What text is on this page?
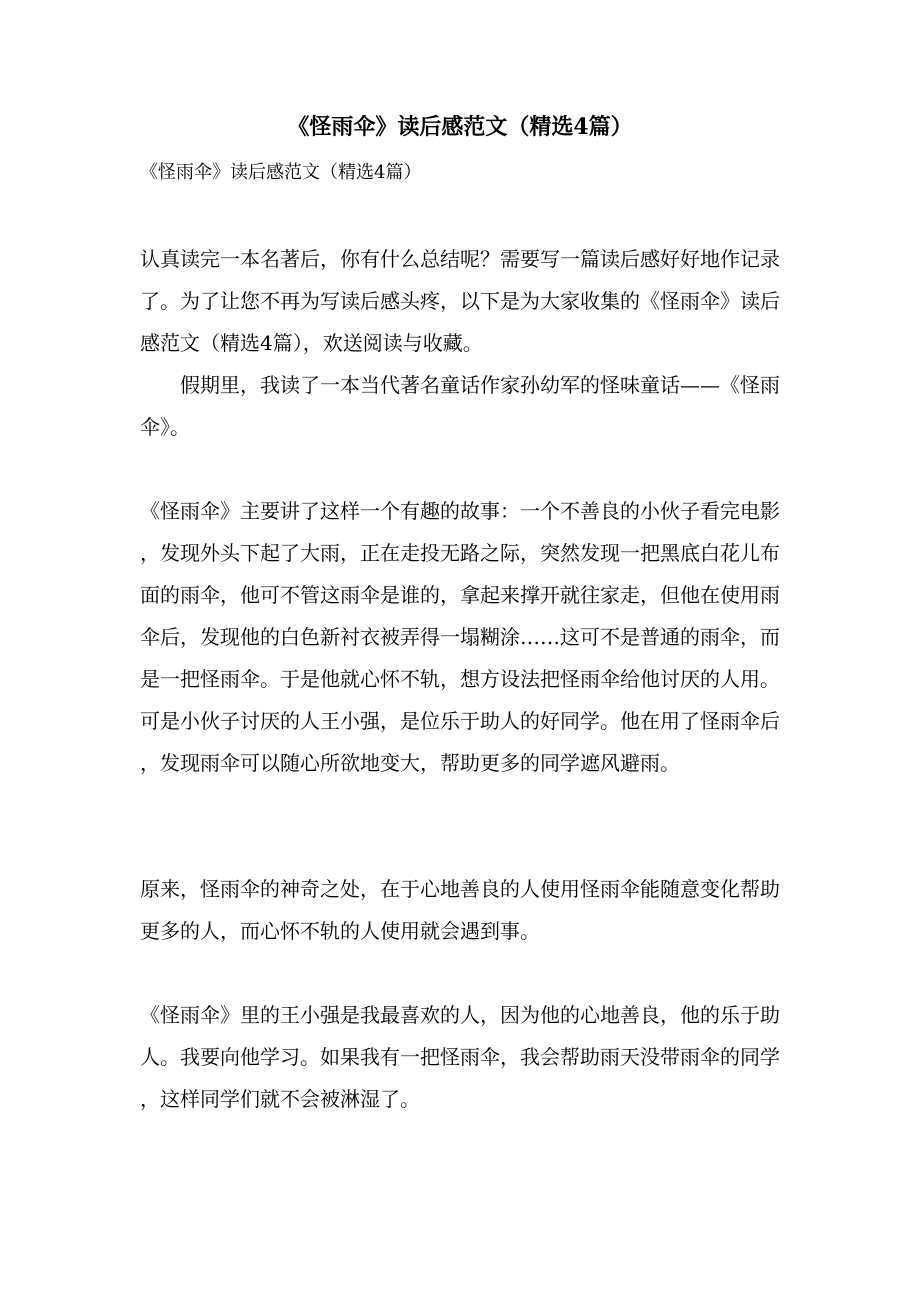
《怪雨伞》读后感范文（精选4篇）

《怪雨伞》读后感范文（精选4篇）

认真读完一本名著后，你有什么总结呢？需要写一篇读后感好好地作记录了。为了让您不再为写读后感头疼，以下是为大家收集的《怪雨伞》读后感范文（精选4篇），欢送阅读与收藏。

假期里，我读了一本当代著名童话作家孙幼军的怪味童话——《怪雨伞》。

《怪雨伞》主要讲了这样一个有趣的故事：一个不善良的小伙子看完电影，发现外头下起了大雨，正在走投无路之际，突然发现一把黑底白花儿布面的雨伞，他可不管这雨伞是谁的，拿起来撑开就往家走，但他在使用雨伞后，发现他的白色新衬衣被弄得一塌糊涂……这可不是普通的雨伞，而是一把怪雨伞。于是他就心怀不轨，想方设法把怪雨伞给他讨厌的人用。可是小伙子讨厌的人王小强，是位乐于助人的好同学。他在用了怪雨伞后，发现雨伞可以随心所欲地变大，帮助更多的同学遮风避雨。

原来，怪雨伞的神奇之处，在于心地善良的人使用怪雨伞能随意变化帮助更多的人，而心怀不轨的人使用就会遇到事。

《怪雨伞》里的王小强是我最喜欢的人，因为他的心地善良，他的乐于助人。我要向他学习。如果我有一把怪雨伞，我会帮助雨天没带雨伞的同学，这样同学们就不会被淋湿了。
